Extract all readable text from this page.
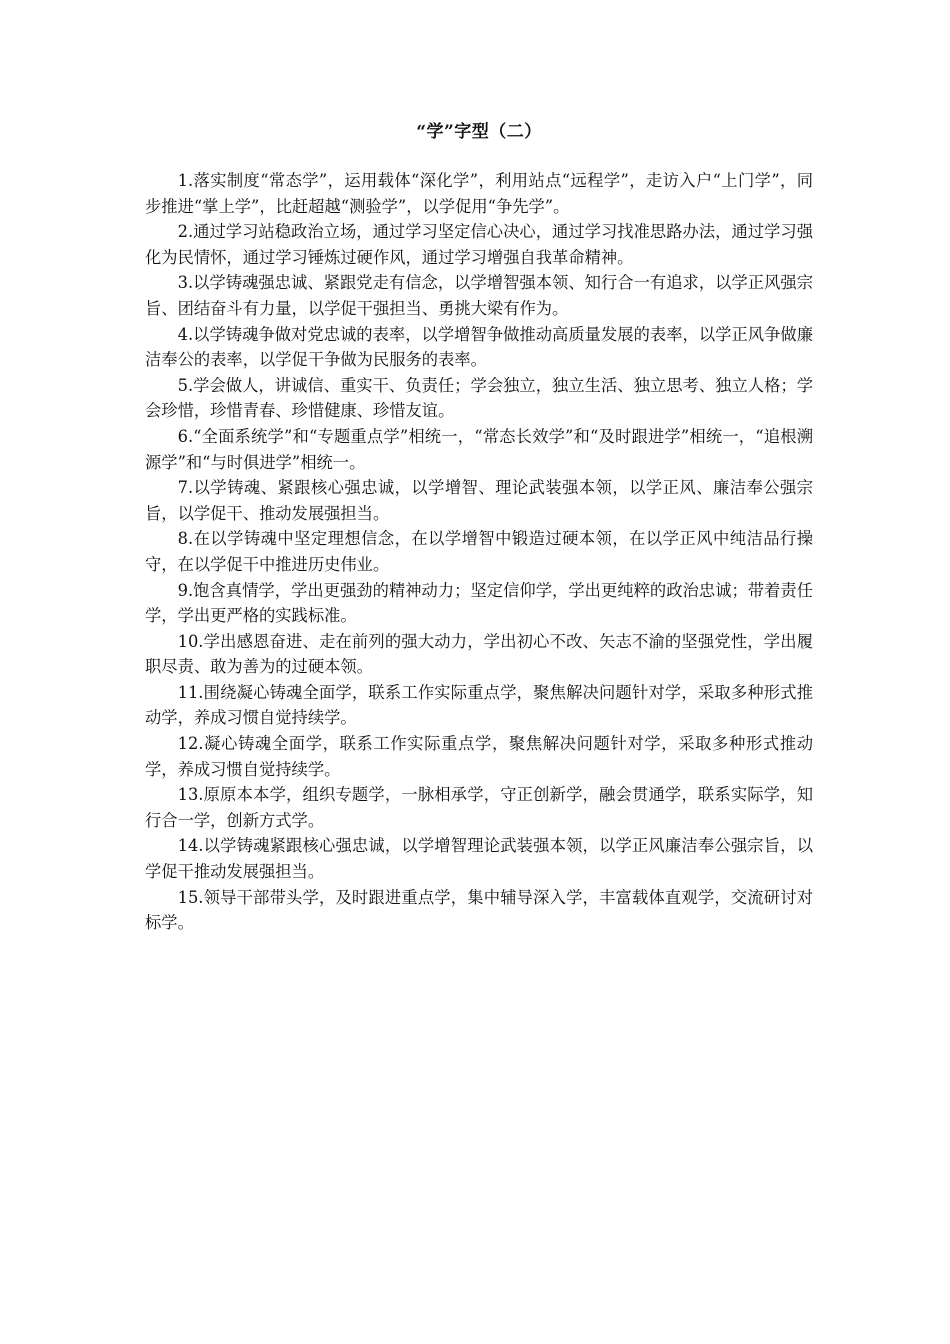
“学”字型（二）

1.落实制度“常态学”，运用载体“深化学”，利用站点“远程学”，走访入户“上门学”，同步推进“掌上学”，比赶超越“测验学”，以学促用“争先学”。

2.通过学习站稳政治立场，通过学习坚定信心决心，通过学习找准思路办法，通过学习强化为民情怀，通过学习锤炼过硬作风，通过学习增强自我革命精神。

3.以学铸魂强忠诚、紧跟党走有信念，以学增智强本领、知行合一有追求，以学正风强宗旨、团结奋斗有力量，以学促干强担当、勇挑大梁有作为。

4.以学铸魂争做对党忠诚的表率，以学增智争做推动高质量发展的表率，以学正风争做廉洁奉公的表率，以学促干争做为民服务的表率。

5.学会做人，讲诚信、重实干、负责任；学会独立，独立生活、独立思考、独立人格；学会珍惜，珍惜青春、珍惜健康、珍惜友谊。

6.“全面系统学”和“专题重点学”相统一，“常态长效学”和“及时跟进学”相统一，“追根溯源学”和“与时俱进学”相统一。

7.以学铸魂、紧跟核心强忠诚，以学增智、理论武装强本领，以学正风、廉洁奉公强宗旨，以学促干、推动发展强担当。

8.在以学铸魂中坚定理想信念，在以学增智中锻造过硬本领，在以学正风中纯洁品行操守，在以学促干中推进历史伟业。

9.饱含真情学，学出更强劲的精神动力；坚定信仰学，学出更纯粹的政治忠诚；带着责任学，学出更严格的实践标准。

10.学出感恩奋进、走在前列的强大动力，学出初心不改、矢志不渝的坚强党性，学出履职尽责、敢为善为的过硬本领。

11.围绕凝心铸魂全面学，联系工作实际重点学，聚焦解决问题针对学，采取多种形式推动学，养成习惯自觉持续学。

12.凝心铸魂全面学，联系工作实际重点学，聚焦解决问题针对学，采取多种形式推动学，养成习惯自觉持续学。

13.原原本本学，组织专题学，一脉相承学，守正创新学，融会贯通学，联系实际学，知行合一学，创新方式学。

14.以学铸魂紧跟核心强忠诚，以学增智理论武装强本领，以学正风廉洁奉公强宗旨，以学促干推动发展强担当。

15.领导干部带头学，及时跟进重点学，集中辅导深入学，丰富载体直观学，交流研讨对标学。
